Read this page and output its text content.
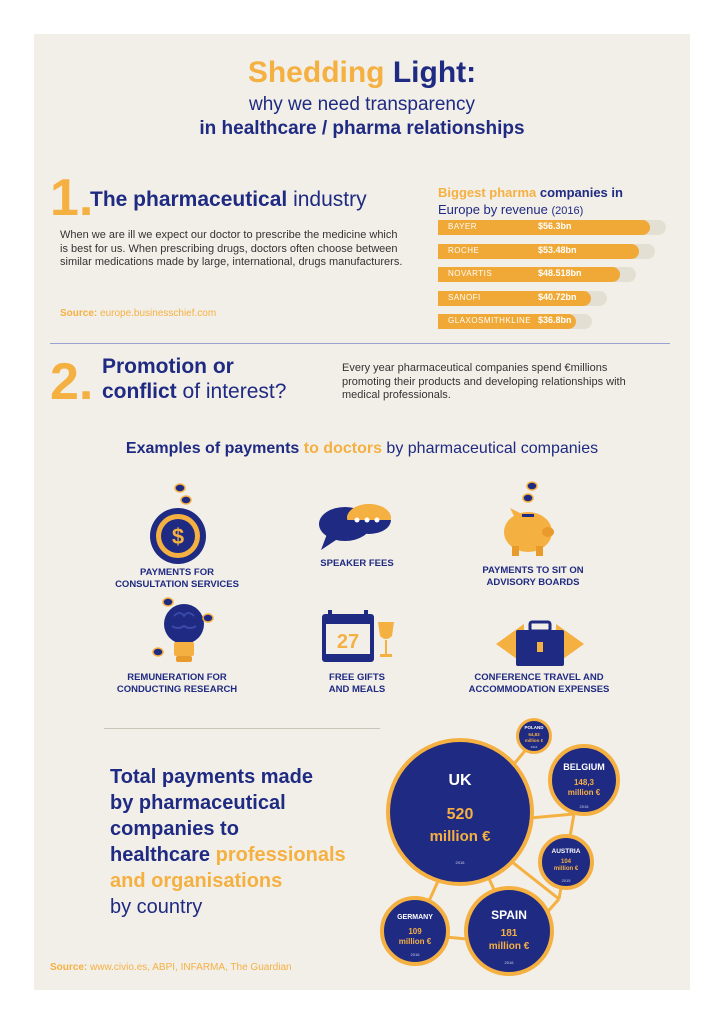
Shedding Light:
why we need transparency
in healthcare / pharma relationships
1.
The pharmaceutical industry
When we are ill we expect our doctor to prescribe the medicine which is best for us. When prescribing drugs, doctors often choose between similar medications made by large, international, drugs manufacturers.
Source: europe.businesschief.com
Biggest pharma companies in
Europe by revenue (2016)
BAYER	$56.3bn
ROCHE	$53.48bn
NOVARTIS	$48.518bn
SANOFI	$40.72bn
GLAXOSMITHKLINE $36.8bn
2. Promotion or
conflict of interest?
Every year pharmaceutical companies spend €millions promoting their products and developing relationships with medical professionals.
Examples of payments to doctors by pharmaceutical companies
$
PAYMENTS FOR
CONSULTATION SERVICES
SPEAKER FEES
PAYMENTS TO SIT ON
ADVISORY BOARDS
REMUNERATION FOR
CONDUCTING RESEARCH
27
FREE GIFTS
AND MEALS
CONFERENCE TRAVEL AND
ACCOMMODATION EXPENSES
Total payments made
by pharmaceutical
companies to
healthcare professionals
and organisations
by country
UK
520
million €
2016
BELGIUM
148,3
million €
2016
POLAND
64,83
million €
2016
AUSTRIA
104
million €
2015
GERMANY
109
million €
2016
SPAIN
181
million €
2016
Source: www.civio.es, ABPI, INFARMA, The Guardian
